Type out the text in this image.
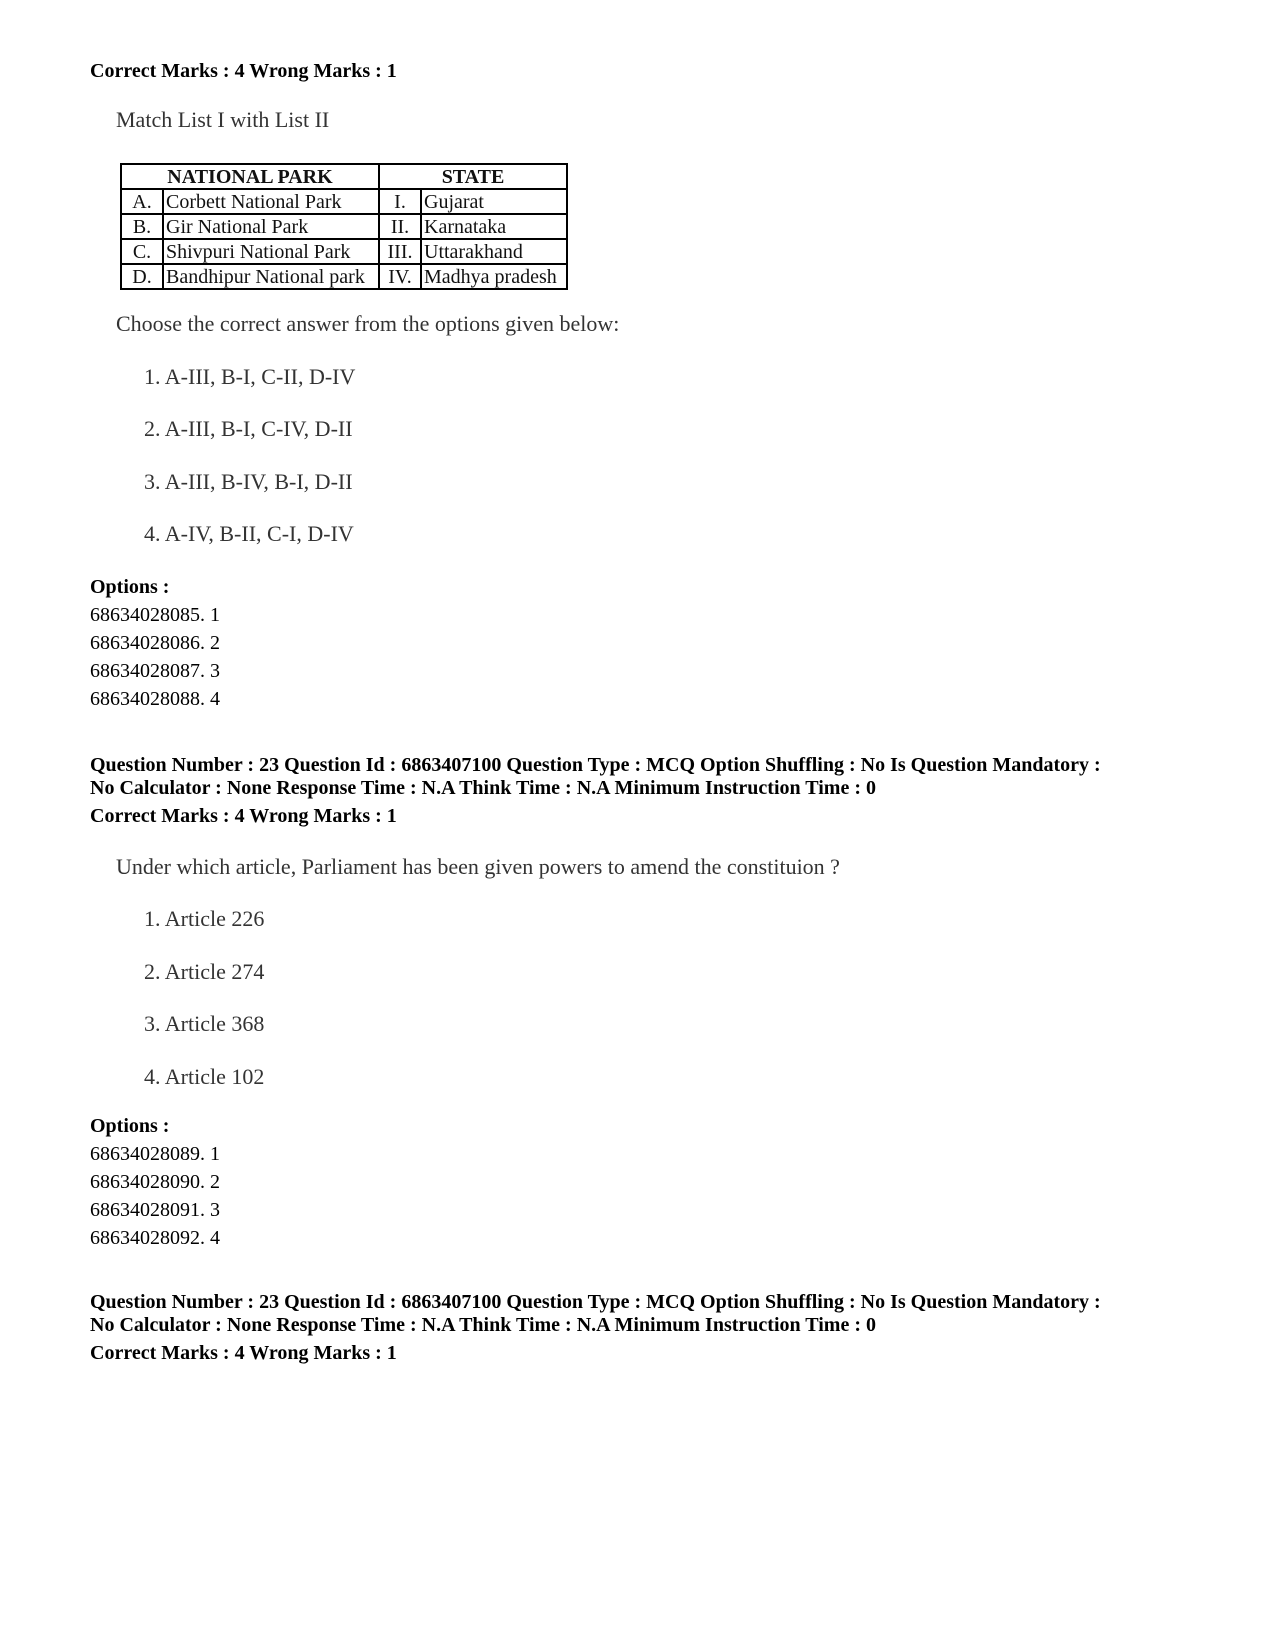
Correct Marks : 4 Wrong Marks : 1
Match List I with List II
NATIONAL PARK		STATE	
A.	Corbett National Park	I.	Gujarat
B.	Gir National Park	II.	Karnataka
C.	Shivpuri National Park	III.	Uttarakhand
D.	Bandhipur National park	IV.	Madhya pradesh
Choose the correct answer from the options given below:
1. A-III, B-I, C-II, D-IV
2. A-III, B-I, C-IV, D-II
3. A-III, B-IV, B-I, D-II
4. A-IV, B-II, C-I, D-IV
Options :
68634028085. 1
68634028086. 2
68634028087. 3
68634028088. 4
Question Number : 23 Question Id : 6863407100 Question Type : MCQ Option Shuffling : No Is Question Mandatory :
No Calculator : None Response Time : N.A Think Time : N.A Minimum Instruction Time : 0
Correct Marks : 4 Wrong Marks : 1
Under which article, Parliament has been given powers to amend the constituion ?
1. Article 226
2. Article 274
3. Article 368
4. Article 102
Options :
68634028089. 1
68634028090. 2
68634028091. 3
68634028092. 4
Question Number : 23 Question Id : 6863407100 Question Type : MCQ Option Shuffling : No Is Question Mandatory :
No Calculator : None Response Time : N.A Think Time : N.A Minimum Instruction Time : 0
Correct Marks : 4 Wrong Marks : 1
